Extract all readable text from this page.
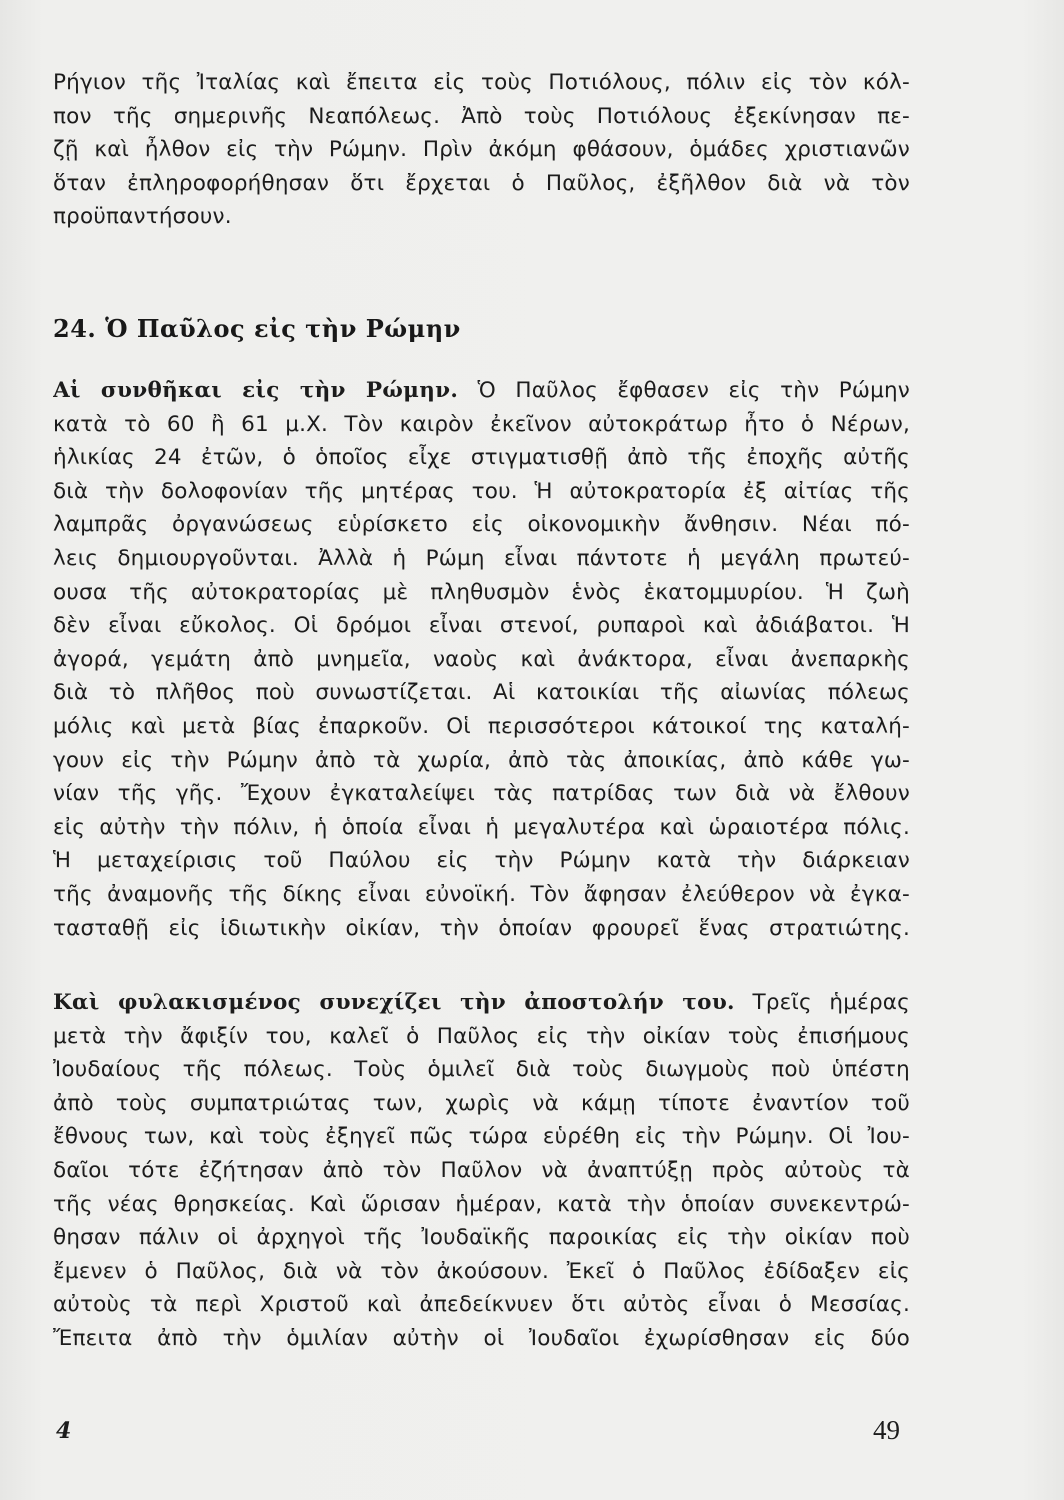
Ρήγιον τῆς Ἰταλίας καὶ ἔπειτα εἰς τοὺς Ποτιόλους, πόλιν εἰς τὸν κόλ-
πον τῆς σημερινῆς Νεαπόλεως. Ἀπὸ τοὺς Ποτιόλους ἐξεκίνησαν πε-
ζῇ καὶ ἦλθον εἰς τὴν Ρώμην. Πρὶν ἀκόμη φθάσουν, ὁμάδες χριστιανῶν
ὅταν ἐπληροφορήθησαν ὅτι ἔρχεται ὁ Παῦλος, ἐξῆλθον διὰ νὰ τὸν
προϋπαντήσουν.
24. Ὁ Παῦλος εἰς τὴν Ρώμην
Αἱ συνθῆκαι εἰς τὴν Ρώμην. Ὁ Παῦλος ἔφθασεν εἰς τὴν Ρώμην
κατὰ τὸ 60 ἢ 61 μ.Χ. Τὸν καιρὸν ἐκεῖνον αὐτοκράτωρ ἦτο ὁ Νέρων,
ἡλικίας 24 ἐτῶν, ὁ ὁποῖος εἶχε στιγματισθῇ ἀπὸ τῆς ἐποχῆς αὐτῆς
διὰ τὴν δολοφονίαν τῆς μητέρας του. Ἡ αὐτοκρατορία ἐξ αἰτίας τῆς
λαμπρᾶς ὀργανώσεως εὑρίσκετο εἰς οἰκονομικὴν ἄνθησιν. Νέαι πό-
λεις δημιουργοῦνται. Ἀλλὰ ἡ Ρώμη εἶναι πάντοτε ἡ μεγάλη πρωτεύ-
ουσα τῆς αὐτοκρατορίας μὲ πληθυσμὸν ἑνὸς ἑκατομμυρίου. Ἡ ζωὴ
δὲν εἶναι εὔκολος. Οἱ δρόμοι εἶναι στενοί, ρυπαροὶ καὶ ἀδιάβατοι. Ἡ
ἀγορά, γεμάτη ἀπὸ μνημεῖα, ναοὺς καὶ ἀνάκτορα, εἶναι ἀνεπαρκὴς
διὰ τὸ πλῆθος ποὺ συνωστίζεται. Αἱ κατοικίαι τῆς αἰωνίας πόλεως
μόλις καὶ μετὰ βίας ἐπαρκοῦν. Οἱ περισσότεροι κάτοικοί της καταλή-
γουν εἰς τὴν Ρώμην ἀπὸ τὰ χωρία, ἀπὸ τὰς ἀποικίας, ἀπὸ κάθε γω-
νίαν τῆς γῆς. Ἔχουν ἐγκαταλείψει τὰς πατρίδας των διὰ νὰ ἔλθουν
εἰς αὐτὴν τὴν πόλιν, ἡ ὁποία εἶναι ἡ μεγαλυτέρα καὶ ὡραιοτέρα πόλις.
Ἡ μεταχείρισις τοῦ Παύλου εἰς τὴν Ρώμην κατὰ τὴν διάρκειαν
τῆς ἀναμονῆς τῆς δίκης εἶναι εὐνοϊκή. Τὸν ἄφησαν ἐλεύθερον νὰ ἐγκα-
τασταθῇ εἰς ἰδιωτικὴν οἰκίαν, τὴν ὁποίαν φρουρεῖ ἕνας στρατιώτης.
Καὶ φυλακισμένος συνεχίζει τὴν ἀποστολήν του. Τρεῖς ἡμέρας
μετὰ τὴν ἄφιξίν του, καλεῖ ὁ Παῦλος εἰς τὴν οἰκίαν τοὺς ἐπισήμους
Ἰουδαίους τῆς πόλεως. Τοὺς ὁμιλεῖ διὰ τοὺς διωγμοὺς ποὺ ὑπέστη
ἀπὸ τοὺς συμπατριώτας των, χωρὶς νὰ κάμῃ τίποτε ἐναντίον τοῦ
ἔθνους των, καὶ τοὺς ἐξηγεῖ πῶς τώρα εὑρέθη εἰς τὴν Ρώμην. Οἱ Ἰου-
δαῖοι τότε ἐζήτησαν ἀπὸ τὸν Παῦλον νὰ ἀναπτύξῃ πρὸς αὐτοὺς τὰ
τῆς νέας θρησκείας. Καὶ ὥρισαν ἡμέραν, κατὰ τὴν ὁποίαν συνεκεντρώ-
θησαν πάλιν οἱ ἀρχηγοὶ τῆς Ἰουδαϊκῆς παροικίας εἰς τὴν οἰκίαν ποὺ
ἔμενεν ὁ Παῦλος, διὰ νὰ τὸν ἀκούσουν. Ἐκεῖ ὁ Παῦλος ἐδίδαξεν εἰς
αὐτοὺς τὰ περὶ Χριστοῦ καὶ ἀπεδείκνυεν ὅτι αὐτὸς εἶναι ὁ Μεσσίας.
Ἔπειτα ἀπὸ τὴν ὁμιλίαν αὐτὴν οἱ Ἰουδαῖοι ἐχωρίσθησαν εἰς δύο
4	49
